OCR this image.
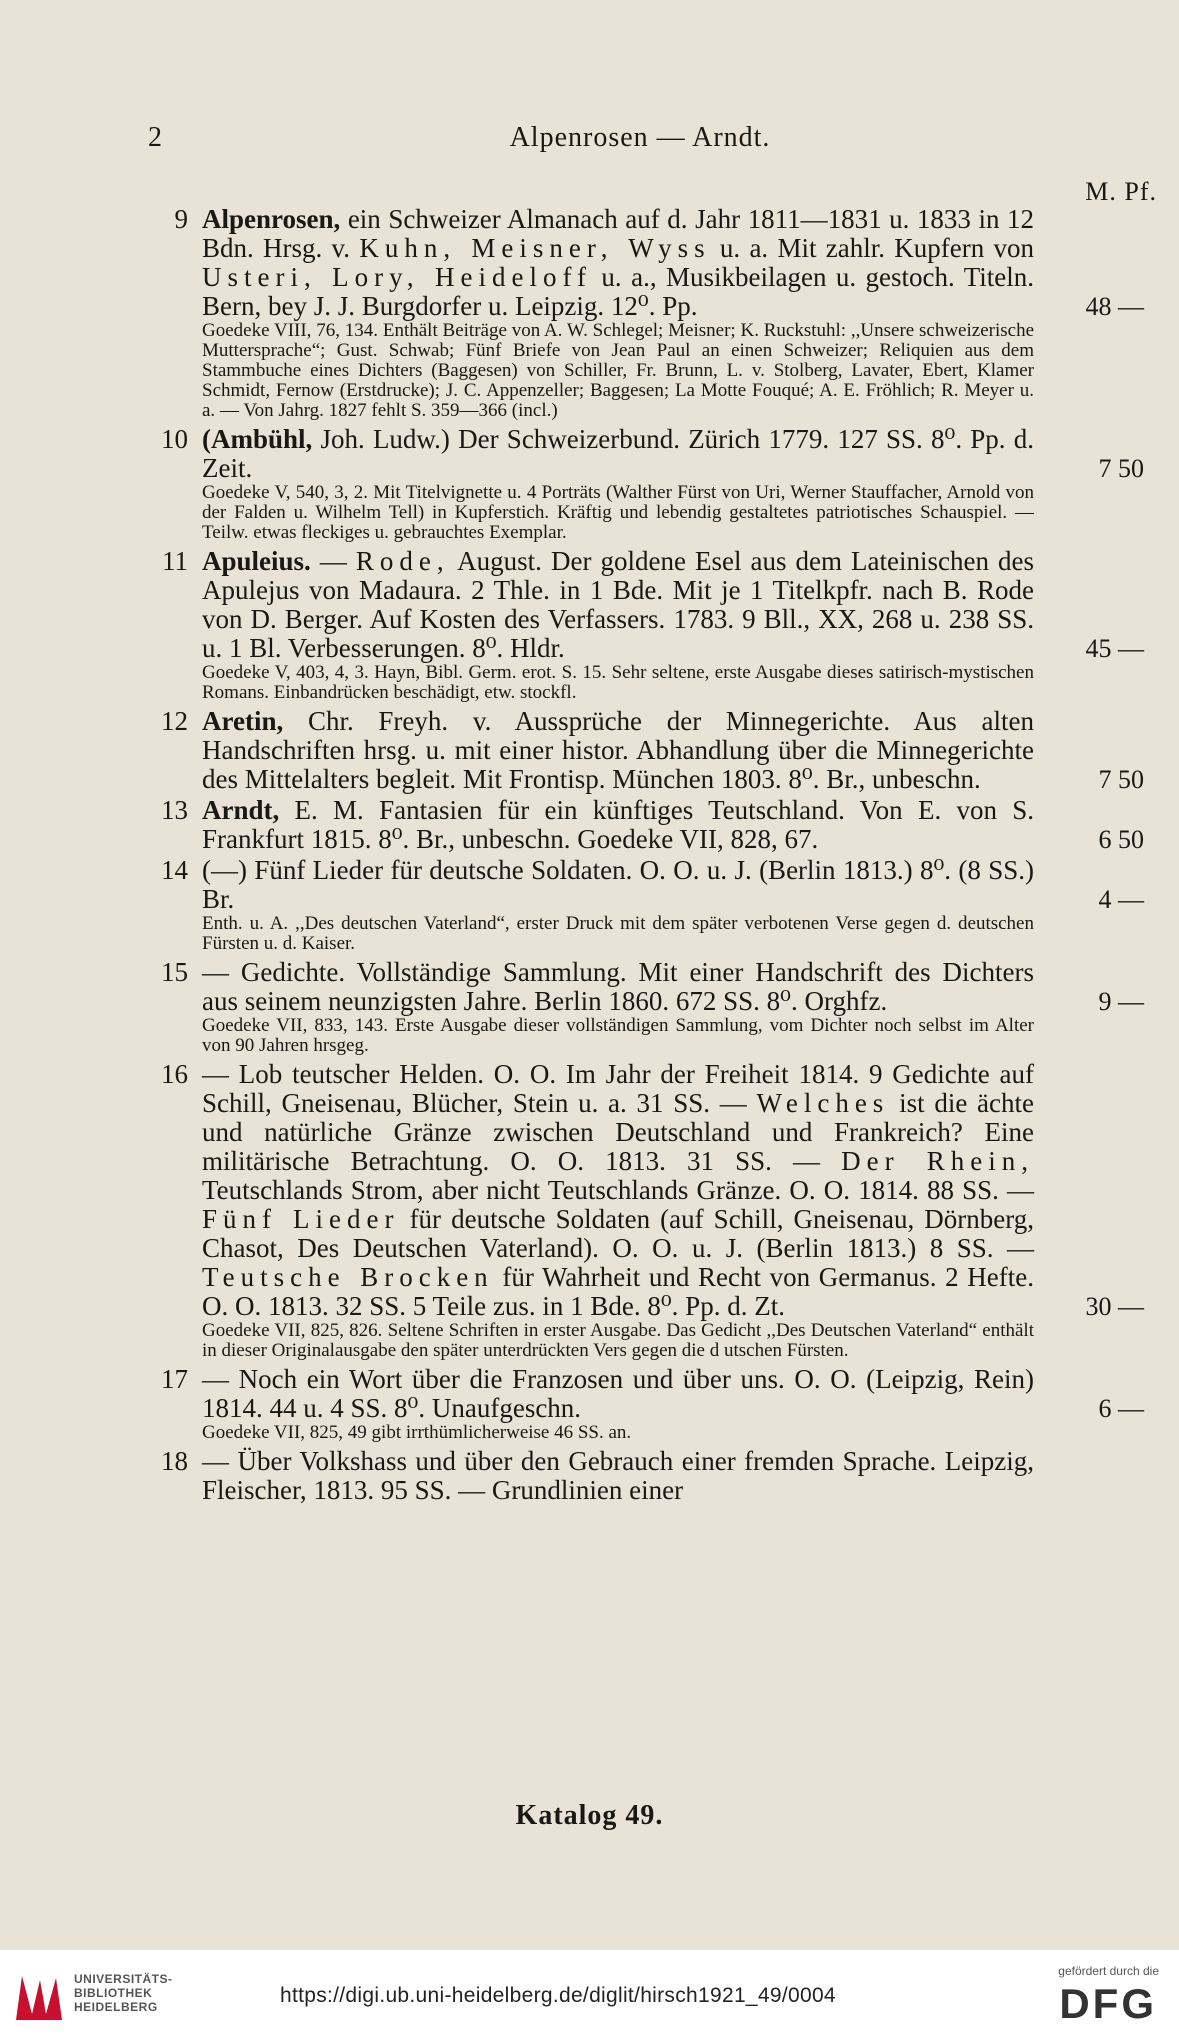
2	Alpenrosen — Arndt.
M. Pf.
9 Alpenrosen, ein Schweizer Almanach auf d. Jahr 1811—1831 u. 1833 in 12 Bdn. Hrsg. v. Kuhn, Meisner, Wyss u. a. Mit zahlr. Kupfern von Usteri, Lory, Heideloff u. a., Musikbeilagen u. gestoch. Titeln. Bern, bey J. J. Burgdorfer u. Leipzig. 12⁰. Pp.	48 —
Goedeke VIII, 76, 134. Enthält Beiträge von A. W. Schlegel; Meisner; K. Ruckstuhl: ,,Unsere schweizerische Muttersprache“; Gust. Schwab; Fünf Briefe von Jean Paul an einen Schweizer; Reliquien aus dem Stammbuche eines Dichters (Baggesen) von Schiller, Fr. Brunn, L. v. Stolberg, Lavater, Ebert, Klamer Schmidt, Fernow (Erstdrucke); J. C. Appenzeller; Baggesen; La Motte Fouqué; A. E. Fröhlich; R. Meyer u. a. — Von Jahrg. 1827 fehlt S. 359—366 (incl.)
10 (Ambühl, Joh. Ludw.) Der Schweizerbund. Zürich 1779. 127 SS. 8⁰. Pp. d. Zeit.	7 50
Goedeke V, 540, 3, 2. Mit Titelvignette u. 4 Porträts (Walther Fürst von Uri, Werner Stauffacher, Arnold von der Falden u. Wilhelm Tell) in Kupferstich. Kräftig und lebendig gestaltetes patriotisches Schauspiel. — Teilw. etwas fleckiges u. gebrauchtes Exemplar.
11 Apuleius. — Rode, August. Der goldene Esel aus dem Lateinischen des Apulejus von Madaura. 2 Thle. in 1 Bde. Mit je 1 Titelkpfr. nach B. Rode von D. Berger. Auf Kosten des Verfassers. 1783. 9 Bll., XX, 268 u. 238 SS. u. 1 Bl. Verbesserungen. 8⁰. Hldr.	45 —
Goedeke V, 403, 4, 3. Hayn, Bibl. Germ. erot. S. 15. Sehr seltene, erste Ausgabe dieses satirisch-mystischen Romans. Einbandrücken beschädigt, etw. stockfl.
12 Aretin, Chr. Freyh. v. Aussprüche der Minnegerichte. Aus alten Handschriften hrsg. u. mit einer histor. Abhandlung über die Minnegerichte des Mittelalters begleit. Mit Frontisp. München 1803. 8⁰. Br., unbeschn.	7 50
13 Arndt, E. M. Fantasien für ein künftiges Teutschland. Von E. von S. Frankfurt 1815. 8⁰. Br., unbeschn. Goedeke VII, 828, 67.	6 50
14 (—) Fünf Lieder für deutsche Soldaten. O. O. u. J. (Berlin 1813.) 8⁰. (8 SS.) Br.	4 —
Enth. u. A. ,,Des deutschen Vaterland“, erster Druck mit dem später verbotenen Verse gegen d. deutschen Fürsten u. d. Kaiser.
15 — Gedichte. Vollständige Sammlung. Mit einer Handschrift des Dichters aus seinem neunzigsten Jahre. Berlin 1860. 672 SS. 8⁰. Orghfz.	9 —
Goedeke VII, 833, 143. Erste Ausgabe dieser vollständigen Sammlung, vom Dichter noch selbst im Alter von 90 Jahren hrsgeg.
16 — Lob teutscher Helden. O. O. Im Jahr der Freiheit 1814. 9 Gedichte auf Schill, Gneisenau, Blücher, Stein u. a. 31 SS. — Welches ist die ächte und natürliche Gränze zwischen Deutschland und Frankreich? Eine militärische Betrachtung. O. O. 1813. 31 SS. — Der Rhein, Teutschlands Strom, aber nicht Teutschlands Gränze. O. O. 1814. 88 SS. — Fünf Lieder für deutsche Soldaten (auf Schill, Gneisenau, Dörnberg, Chasot, Des Deutschen Vaterland). O. O. u. J. (Berlin 1813.) 8 SS. — Teutsche Brocken für Wahrheit und Recht von Germanus. 2 Hefte. O. O. 1813. 32 SS. 5 Teile zus. in 1 Bde. 8⁰. Pp. d. Zt.	30 —
Goedeke VII, 825, 826. Seltene Schriften in erster Ausgabe. Das Gedicht ,,Des Deutschen Vaterland“ enthält in dieser Originalausgabe den später unterdrückten Vers gegen die d utschen Fürsten.
17 — Noch ein Wort über die Franzosen und über uns. O. O. (Leipzig, Rein) 1814. 44 u. 4 SS. 8⁰. Unaufgeschn.	6 —
Goedeke VII, 825, 49 gibt irrthümlicherweise 46 SS. an.
18 — Über Volkshass und über den Gebrauch einer fremden Sprache. Leipzig, Fleischer, 1813. 95 SS. — Grundlinien einer
Katalog 49.
UNIVERSITÄTS-
BIBLIOTHEK
HEIDELBERG	https://digi.ub.uni-heidelberg.de/diglit/hirsch1921_49/0004
gefördert durch die
DFG
